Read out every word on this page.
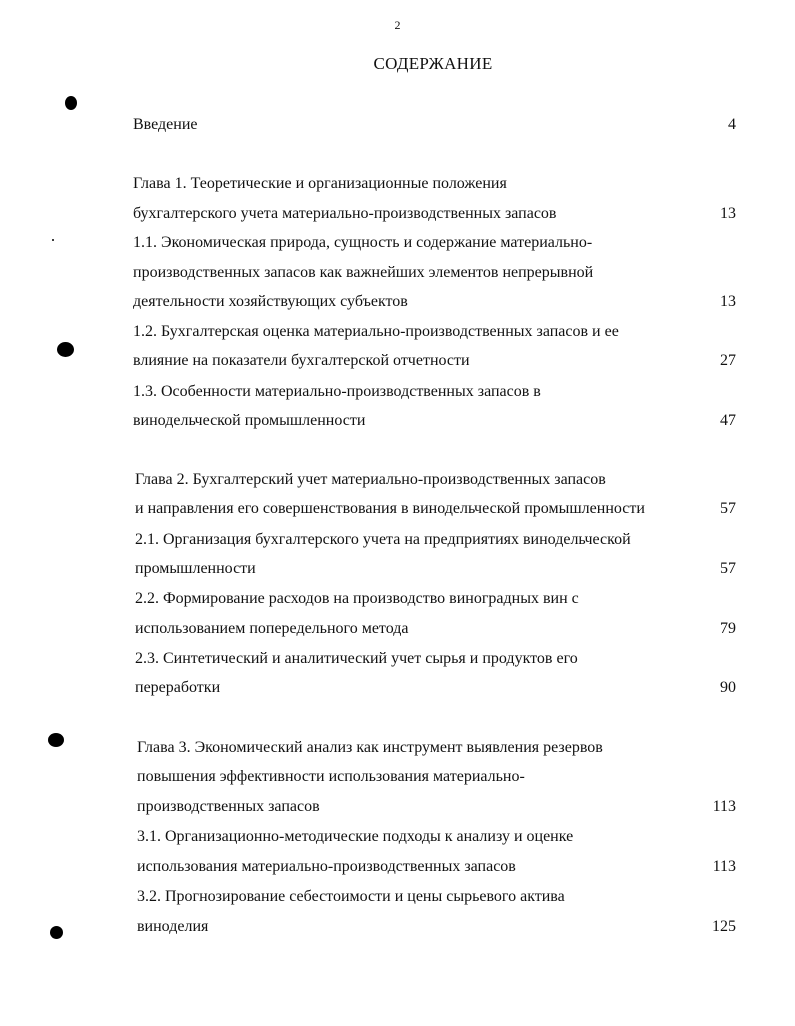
2
СОДЕРЖАНИЕ
Введение	4
Глава 1. Теоретические и организационные положения
бухгалтерского учета материально-производственных запасов	13
1.1. Экономическая природа, сущность и содержание материально-
производственных запасов как важнейших элементов непрерывной
деятельности хозяйствующих субъектов	13
1.2. Бухгалтерская оценка материально-производственных запасов и ее
влияние на показатели бухгалтерской отчетности	27
1.3. Особенности материально-производственных запасов в
винодельческой промышленности	47
Глава 2. Бухгалтерский учет материально-производственных запасов
и направления его совершенствования в винодельческой промышленности	57
2.1. Организация бухгалтерского учета на предприятиях винодельческой
промышленности	57
2.2. Формирование расходов на производство виноградных вин с
использованием попередельного метода	79
2.3. Синтетический и аналитический учет сырья и продуктов его
переработки	90
Глава 3. Экономический анализ как инструмент выявления резервов
повышения эффективности использования материально-
производственных запасов	113
3.1. Организационно-методические подходы к анализу и оценке
использования материально-производственных запасов	113
3.2. Прогнозирование себестоимости и цены сырьевого актива
виноделия	125
